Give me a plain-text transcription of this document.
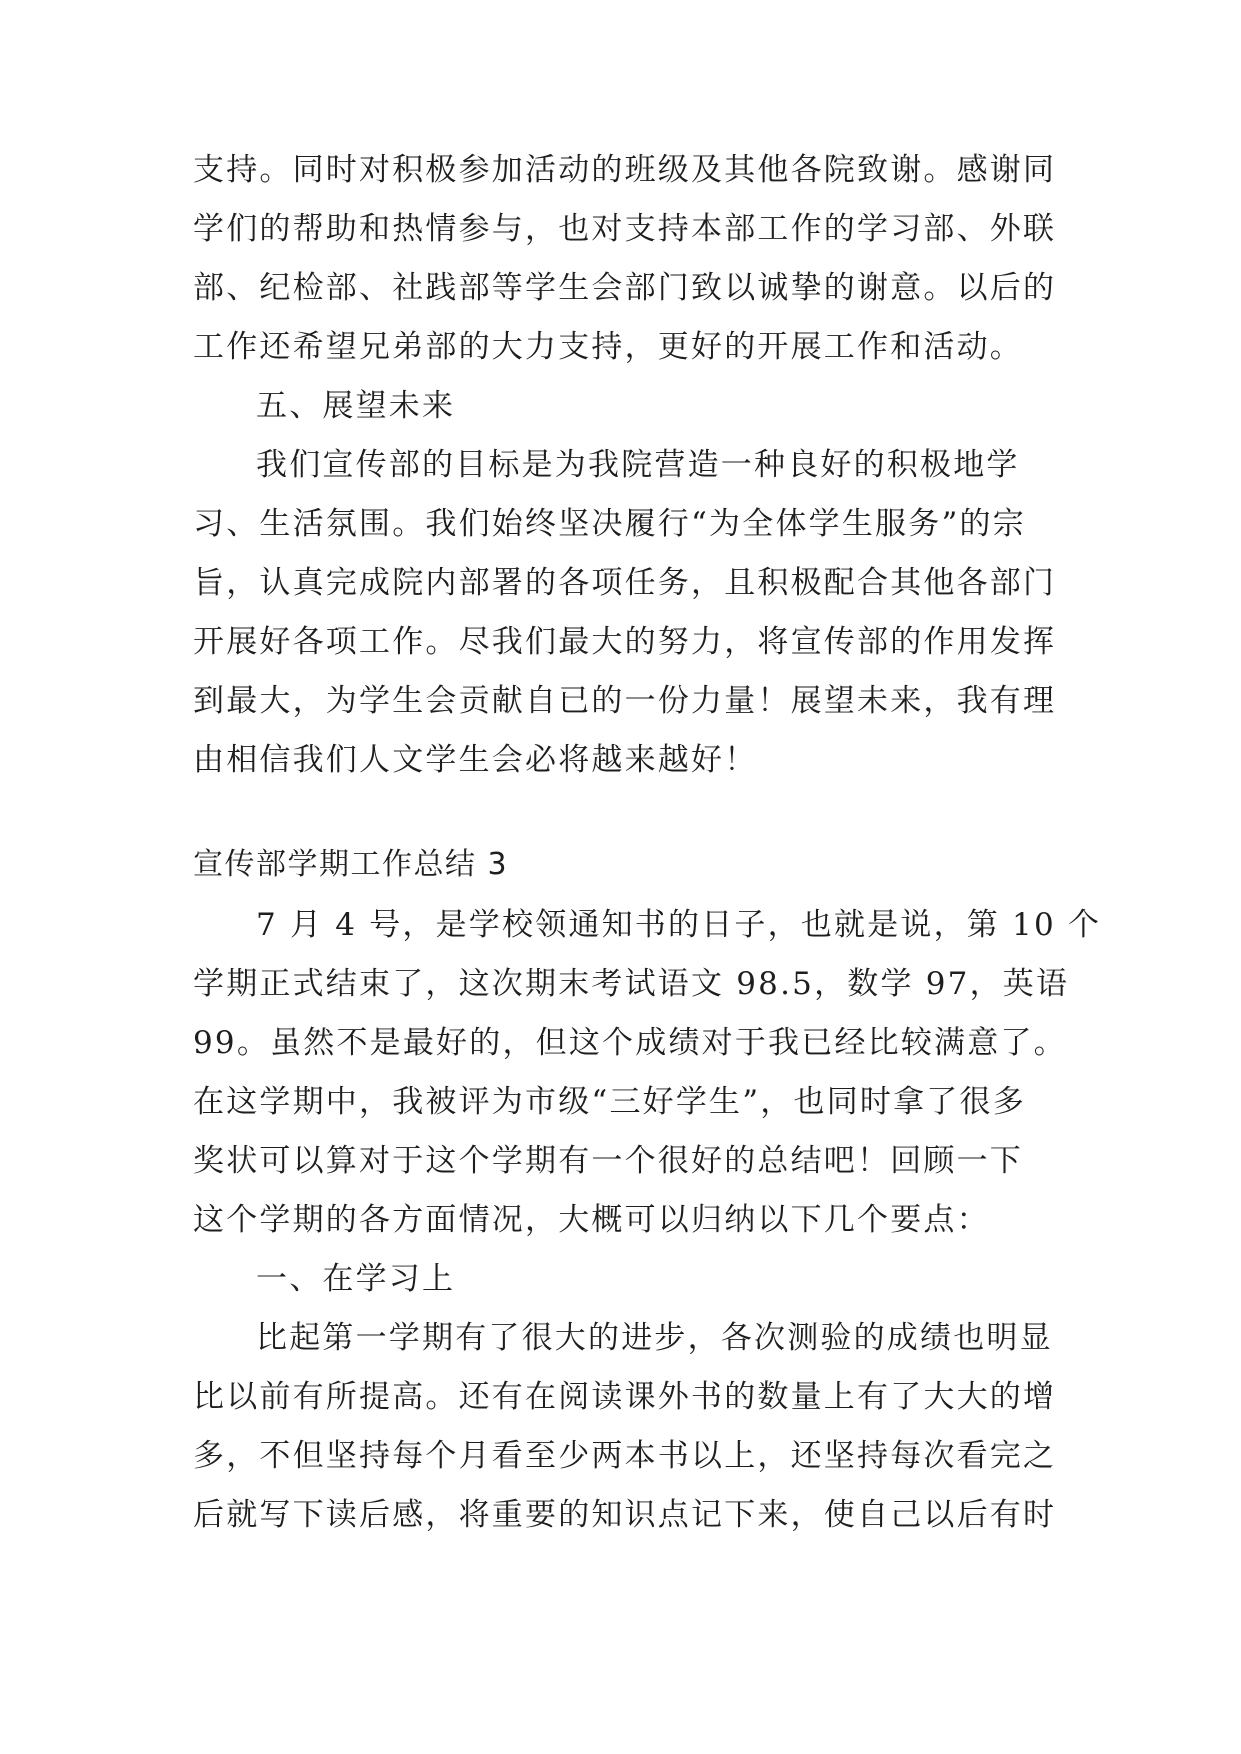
支持。同时对积极参加活动的班级及其他各院致谢。感谢同
学们的帮助和热情参与，也对支持本部工作的学习部、外联
部、纪检部、社践部等学生会部门致以诚挚的谢意。以后的
工作还希望兄弟部的大力支持，更好的开展工作和活动。
五、展望未来
我们宣传部的目标是为我院营造一种良好的积极地学
习、生活氛围。我们始终坚决履行“为全体学生服务”的宗
旨，认真完成院内部署的各项任务，且积极配合其他各部门
开展好各项工作。尽我们最大的努力，将宣传部的作用发挥
到最大，为学生会贡献自已的一份力量！展望未来，我有理
由相信我们人文学生会必将越来越好！
宣传部学期工作总结 3
7 月 4 号，是学校领通知书的日子，也就是说，第 10 个
学期正式结束了，这次期末考试语文 98.5，数学 97，英语
99。虽然不是最好的，但这个成绩对于我已经比较满意了。
在这学期中，我被评为市级“三好学生”，也同时拿了很多
奖状可以算对于这个学期有一个很好的总结吧！回顾一下
这个学期的各方面情况，大概可以归纳以下几个要点：
一、在学习上
比起第一学期有了很大的进步，各次测验的成绩也明显
比以前有所提高。还有在阅读课外书的数量上有了大大的增
多，不但坚持每个月看至少两本书以上，还坚持每次看完之
后就写下读后感，将重要的知识点记下来，使自己以后有时
